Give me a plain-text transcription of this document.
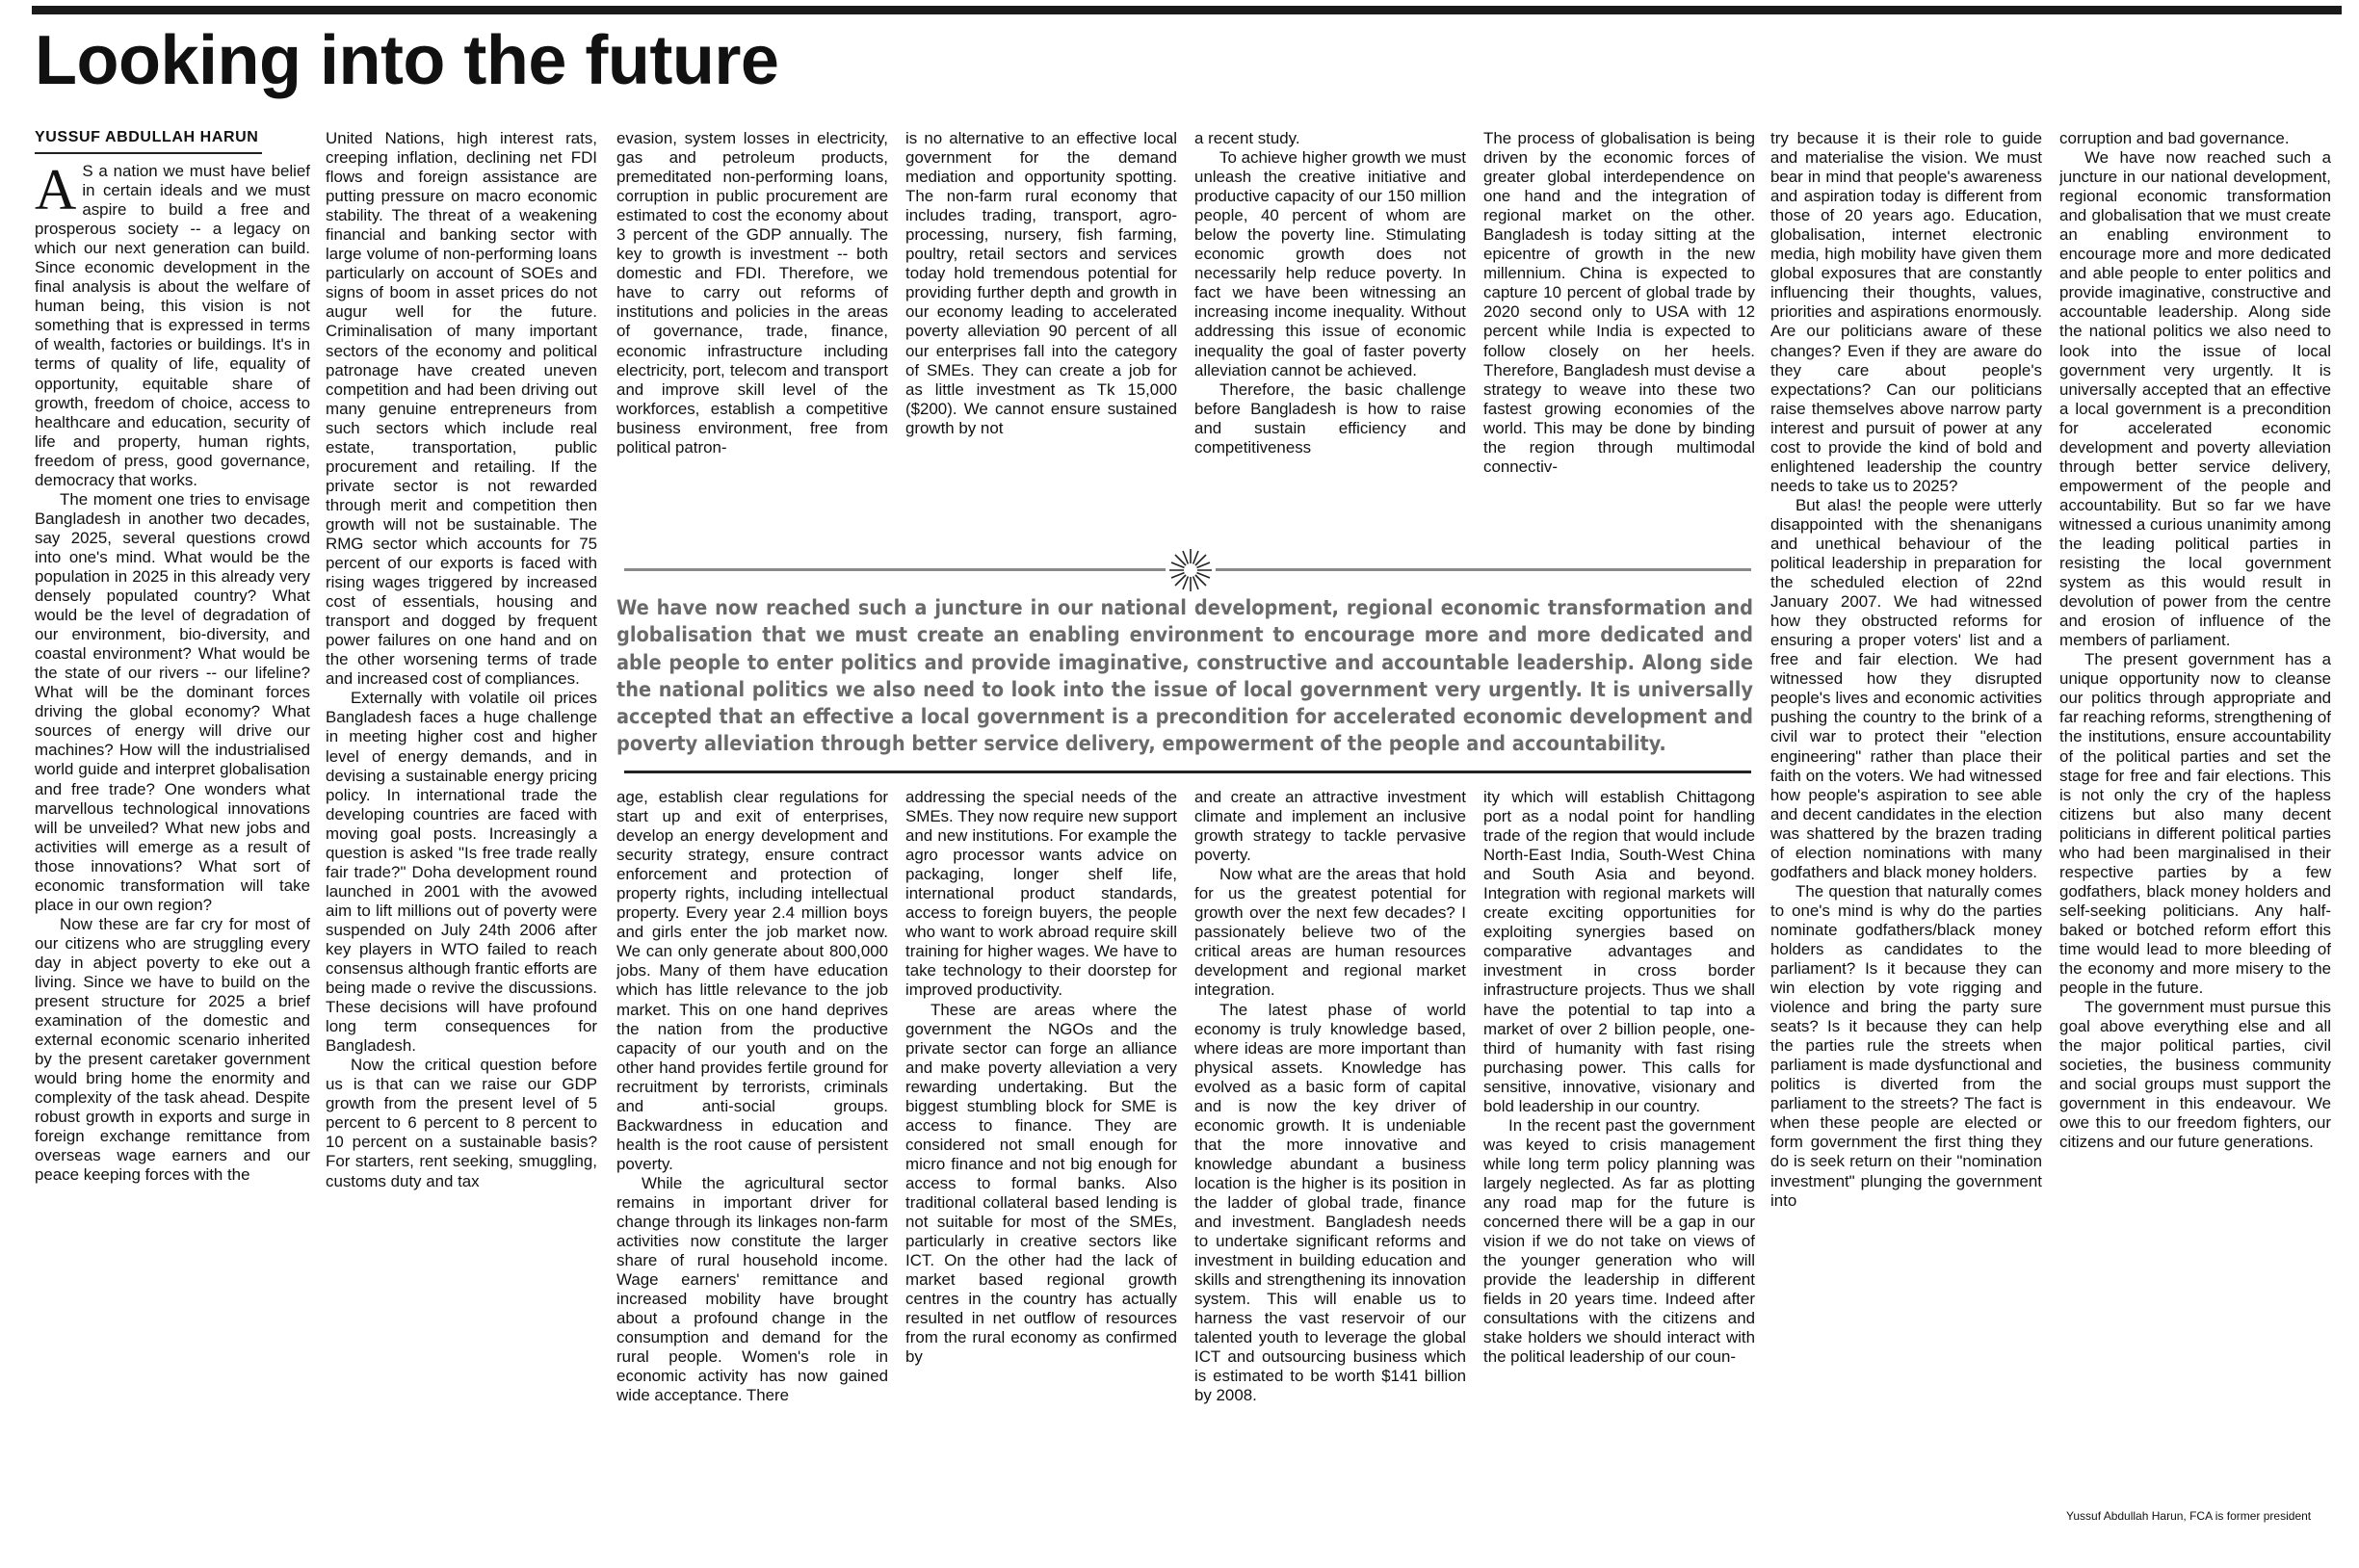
Looking into the future
YUSSUF ABDULLAH HARUN

A S a nation we must have belief in certain ideals and we must aspire to build a free and prosperous society -- a legacy on which our next generation can build. Since economic development in the final analysis is about the welfare of human being, this vision is not something that is expressed in terms of wealth, factories or buildings. It's in terms of quality of life, equality of opportunity, equitable share of growth, freedom of choice, access to healthcare and education, security of life and property, human rights, freedom of press, good governance, democracy that works.

The moment one tries to envisage Bangladesh in another two decades, say 2025, several questions crowd into one's mind. What would be the population in 2025 in this already very densely populated country? What would be the level of degradation of our environment, bio-diversity, and coastal environment? What would be the state of our rivers -- our lifeline? What will be the dominant forces driving the global economy? What sources of energy will drive our machines? How will the industrialised world guide and interpret globalisation and free trade? One wonders what marvellous technological innovations will be unveiled? What new jobs and activities will emerge as a result of those innovations? What sort of economic transformation will take place in our own region?

Now these are far cry for most of our citizens who are struggling every day in abject poverty to eke out a living. Since we have to build on the present structure for 2025 a brief examination of the domestic and external economic scenario inherited by the present caretaker government would bring home the enormity and complexity of the task ahead. Despite robust growth in exports and surge in foreign exchange remittance from overseas wage earners and our peace keeping forces with the

United Nations, high interest rats, creeping inflation, declining net FDI flows and foreign assistance are putting pressure on macro economic stability. The threat of a weakening financial and banking sector with large volume of non-performing loans particularly on account of SOEs and signs of boom in asset prices do not augur well for the future. Criminalisation of many important sectors of the economy and political patronage have created uneven competition and had been driving out many genuine entrepreneurs from such sectors which include real estate, transportation, public procurement and retailing. If the private sector is not rewarded through merit and competition then growth will not be sustainable. The RMG sector which accounts for 75 percent of our exports is faced with rising wages triggered by increased cost of essentials, housing and transport and dogged by frequent power failures on one hand and on the other worsening terms of trade and increased cost of compliances.

Externally with volatile oil prices Bangladesh faces a huge challenge in meeting higher cost and higher level of energy demands, and in devising a sustainable energy pricing policy. In international trade the developing countries are faced with moving goal posts. Increasingly a question is asked "Is free trade really fair trade?" Doha development round launched in 2001 with the avowed aim to lift millions out of poverty were suspended on July 24th 2006 after key players in WTO failed to reach consensus although frantic efforts are being made o revive the discussions. These decisions will have profound long term consequences for Bangladesh.

Now the critical question before us is that can we raise our GDP growth from the present level of 5 percent to 6 percent to 8 percent to 10 percent on a sustainable basis? For starters, rent seeking, smuggling, customs duty and tax

evasion, system losses in electricity, gas and petroleum products, premeditated non-performing loans, corruption in public procurement are estimated to cost the economy about 3 percent of the GDP annually. The key to growth is investment -- both domestic and FDI. Therefore, we have to carry out reforms of institutions and policies in the areas of governance, trade, finance, economic infrastructure including electricity, port, telecom and transport and improve skill level of the workforces, establish a competitive business environment, free from political patron-

is no alternative to an effective local government for the demand mediation and opportunity spotting. The non-farm rural economy that includes trading, transport, agro-processing, nursery, fish farming, poultry, retail sectors and services today hold tremendous potential for providing further depth and growth in our economy leading to accelerated poverty alleviation 90 percent of all our enterprises fall into the category of SMEs. They can create a job for as little investment as Tk 15,000 ($200). We cannot ensure sustained growth by not

a recent study.

To achieve higher growth we must unleash the creative initiative and productive capacity of our 150 million people, 40 percent of whom are below the poverty line. Stimulating economic growth does not necessarily help reduce poverty. In fact we have been witnessing an increasing income inequality. Without addressing this issue of economic inequality the goal of faster poverty alleviation cannot be achieved.

Therefore, the basic challenge before Bangladesh is how to raise and sustain efficiency and competitiveness

The process of globalisation is being driven by the economic forces of greater global interdependence on one hand and the integration of regional market on the other. Bangladesh is today sitting at the epicentre of growth in the new millennium. China is expected to capture 10 percent of global trade by 2020 second only to USA with 12 percent while India is expected to follow closely on her heels. Therefore, Bangladesh must devise a strategy to weave into these two fastest growing economies of the world. This may be done by binding the region through multimodal connectiv-

try because it is their role to guide and materialise the vision. We must bear in mind that people's awareness and aspiration today is different from those of 20 years ago. Education, globalisation, internet electronic media, high mobility have given them global exposures that are constantly influencing their thoughts, values, priorities and aspirations enormously. Are our politicians aware of these changes? Even if they are aware do they care about people's expectations? Can our politicians raise themselves above narrow party interest and pursuit of power at any cost to provide the kind of bold and enlightened leadership the country needs to take us to 2025?

But alas! the people were utterly disappointed with the shenanigans and unethical behaviour of the political leadership in preparation for the scheduled election of 22nd January 2007. We had witnessed how they obstructed reforms for ensuring a proper voters' list and a free and fair election. We had witnessed how they disrupted people's lives and economic activities pushing the country to the brink of a civil war to protect their "election engineering" rather than place their faith on the voters. We had witnessed how people's aspiration to see able and decent candidates in the election was shattered by the brazen trading of election nominations with many godfathers and black money holders.

The question that naturally comes to one's mind is why do the parties nominate godfathers/black money holders as candidates to the parliament? Is it because they can win election by vote rigging and violence and bring the party sure seats? Is it because they can help the parties rule the streets when parliament is made dysfunctional and politics is diverted from the parliament to the streets? The fact is when these people are elected or form government the first thing they do is seek return on their "nomination investment" plunging the government into

corruption and bad governance.

We have now reached such a juncture in our national development, regional economic transformation and globalisation that we must create an enabling environment to encourage more and more dedicated and able people to enter politics and provide imaginative, constructive and accountable leadership. Along side the national politics we also need to look into the issue of local government very urgently. It is universally accepted that an effective a local government is a precondition for accelerated economic development and poverty alleviation through better service delivery, empowerment of the people and accountability. But so far we have witnessed a curious unanimity among the leading political parties in resisting the local government system as this would result in devolution of power from the centre and erosion of influence of the members of parliament.

The present government has a unique opportunity now to cleanse our politics through appropriate and far reaching reforms, strengthening of the institutions, ensure accountability of the political parties and set the stage for free and fair elections. This is not only the cry of the hapless citizens but also many decent politicians in different political parties who had been marginalised in their respective parties by a few godfathers, black money holders and self-seeking politicians. Any half-baked or botched reform effort this time would lead to more bleeding of the economy and more misery to the people in the future.

The government must pursue this goal above everything else and all the major political parties, civil societies, the business community and social groups must support the government in this endeavour. We owe this to our freedom fighters, our citizens and our future generations.

We have now reached such a juncture in our national development, regional economic transformation and globalisation that we must create an enabling environment to encourage more and more dedicated and able people to enter politics and provide imaginative, constructive and accountable leadership. Along side the national politics we also need to look into the issue of local government very urgently. It is universally accepted that an effective a local government is a precondition for accelerated economic development and poverty alleviation through better service delivery, empowerment of the people and accountability.

age, establish clear regulations for start up and exit of enterprises, develop an energy development and security strategy, ensure contract enforcement and protection of property rights, including intellectual property. Every year 2.4 million boys and girls enter the job market now. We can only generate about 800,000 jobs. Many of them have education which has little relevance to the job market. This on one hand deprives the nation from the productive capacity of our youth and on the other hand provides fertile ground for recruitment by terrorists, criminals and anti-social groups. Backwardness in education and health is the root cause of persistent poverty.

While the agricultural sector remains in important driver for change through its linkages non-farm activities now constitute the larger share of rural household income. Wage earners' remittance and increased mobility have brought about a profound change in the consumption and demand for the rural people. Women's role in economic activity has now gained wide acceptance. There

addressing the special needs of the SMEs. They now require new support and new institutions. For example the agro processor wants advice on packaging, longer shelf life, international product standards, access to foreign buyers, the people who want to work abroad require skill training for higher wages. We have to take technology to their doorstep for improved productivity.

These are areas where the government the NGOs and the private sector can forge an alliance and make poverty alleviation a very rewarding undertaking. But the biggest stumbling block for SME is access to finance. They are considered not small enough for micro finance and not big enough for access to formal banks. Also traditional collateral based lending is not suitable for most of the SMEs, particularly in creative sectors like ICT. On the other had the lack of market based regional growth centres in the country has actually resulted in net outflow of resources from the rural economy as confirmed by

and create an attractive investment climate and implement an inclusive growth strategy to tackle pervasive poverty.

Now what are the areas that hold for us the greatest potential for growth over the next few decades? I passionately believe two of the critical areas are human resources development and regional market integration.

The latest phase of world economy is truly knowledge based, where ideas are more important than physical assets. Knowledge has evolved as a basic form of capital and is now the key driver of economic growth. It is undeniable that the more innovative and knowledge abundant a business location is the higher is its position in the ladder of global trade, finance and investment. Bangladesh needs to undertake significant reforms and investment in building education and skills and strengthening its innovation system. This will enable us to harness the vast reservoir of our talented youth to leverage the global ICT and outsourcing business which is estimated to be worth $141 billion by 2008.

ity which will establish Chittagong port as a nodal point for handling trade of the region that would include North-East India, South-West China and South Asia and beyond. Integration with regional markets will create exciting opportunities for exploiting synergies based on comparative advantages and investment in cross border infrastructure projects. Thus we shall have the potential to tap into a market of over 2 billion people, one-third of humanity with fast rising purchasing power. This calls for sensitive, innovative, visionary and bold leadership in our country.

In the recent past the government was keyed to crisis management while long term policy planning was largely neglected. As far as plotting any road map for the future is concerned there will be a gap in our vision if we do not take on views of the younger generation who will provide the leadership in different fields in 20 years time. Indeed after consultations with the citizens and stake holders we should interact with the political leadership of our coun-

Yussuf Abdullah Harun, FCA is former president
